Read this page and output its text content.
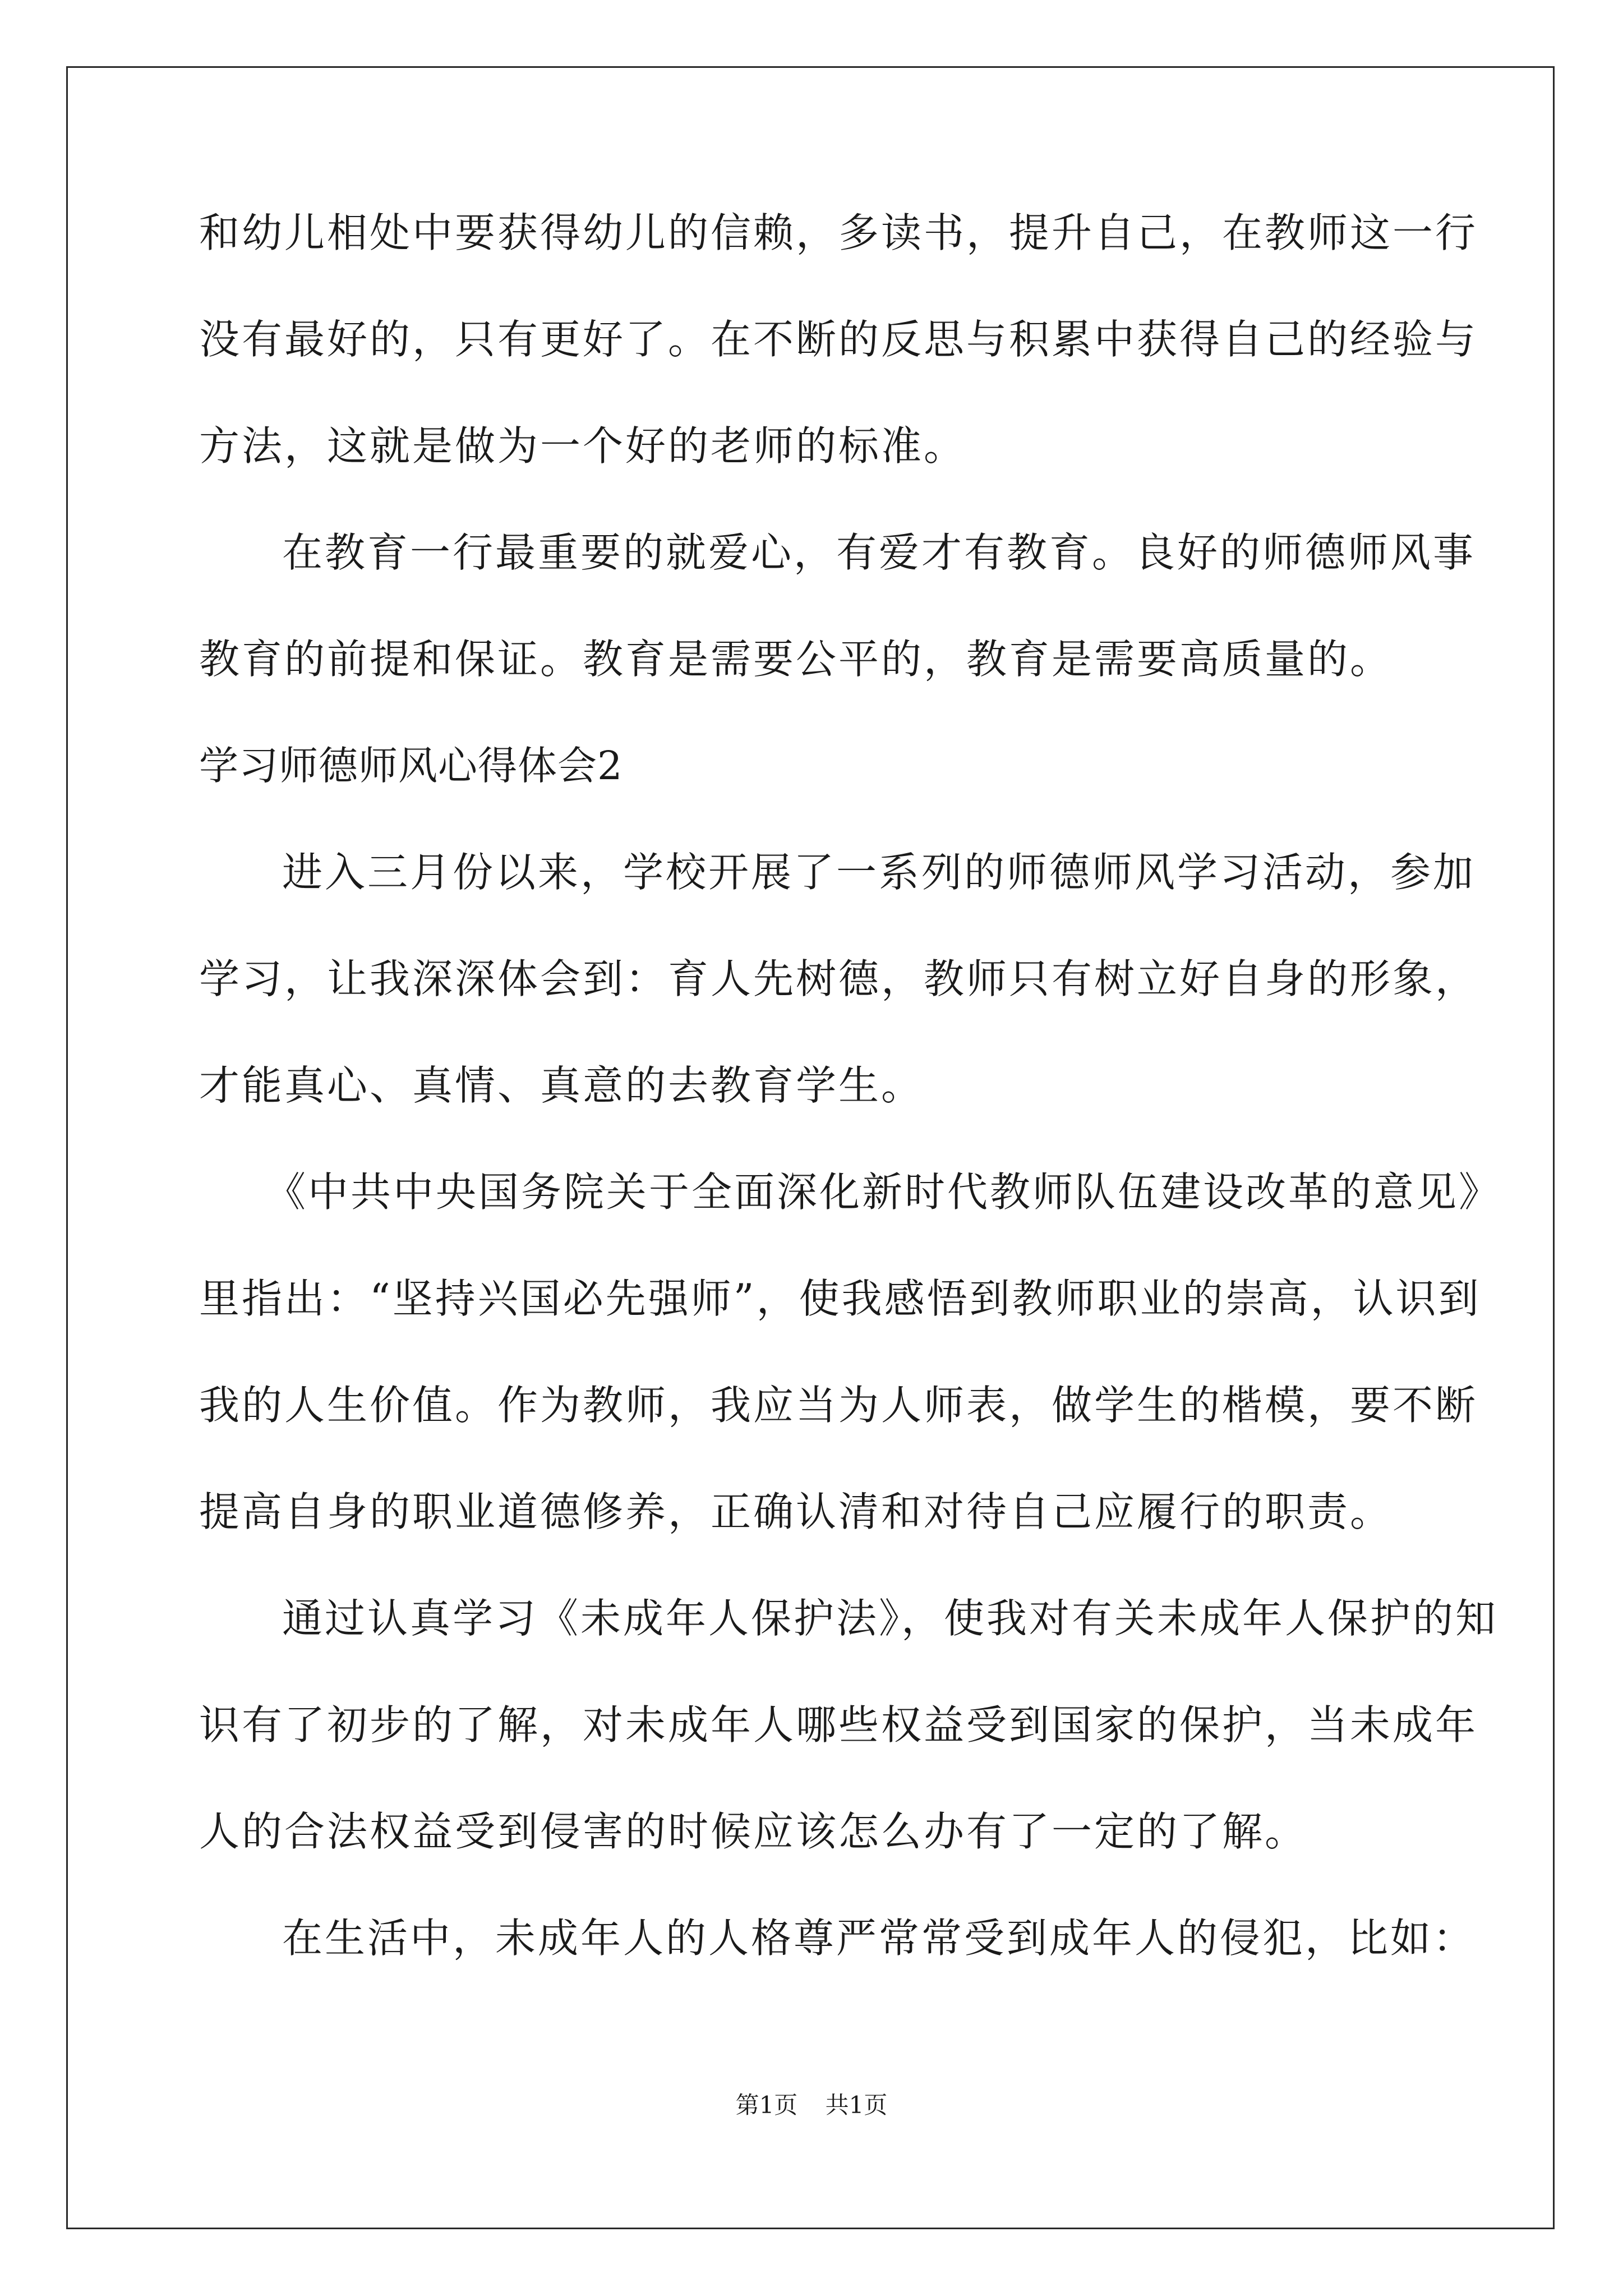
和幼儿相处中要获得幼儿的信赖，多读书，提升自己，在教师这一行
没有最好的，只有更好了。在不断的反思与积累中获得自己的经验与
方法，这就是做为一个好的老师的标准。
在教育一行最重要的就爱心，有爱才有教育。良好的师德师风事
教育的前提和保证。教育是需要公平的，教育是需要高质量的。
学习师德师风心得体会2
进入三月份以来，学校开展了一系列的师德师风学习活动，参加
学习，让我深深体会到：育人先树德，教师只有树立好自身的形象，
才能真心、真情、真意的去教育学生。
《中共中央国务院关于全面深化新时代教师队伍建设改革的意见》
里指出：“坚持兴国必先强师”，使我感悟到教师职业的崇高，认识到
我的人生价值。作为教师，我应当为人师表，做学生的楷模，要不断
提高自身的职业道德修养，正确认清和对待自己应履行的职责。
通过认真学习《未成年人保护法》，使我对有关未成年人保护的知
识有了初步的了解，对未成年人哪些权益受到国家的保护，当未成年
人的合法权益受到侵害的时候应该怎么办有了一定的了解。
在生活中，未成年人的人格尊严常常受到成年人的侵犯，比如：
第1页 共1页
